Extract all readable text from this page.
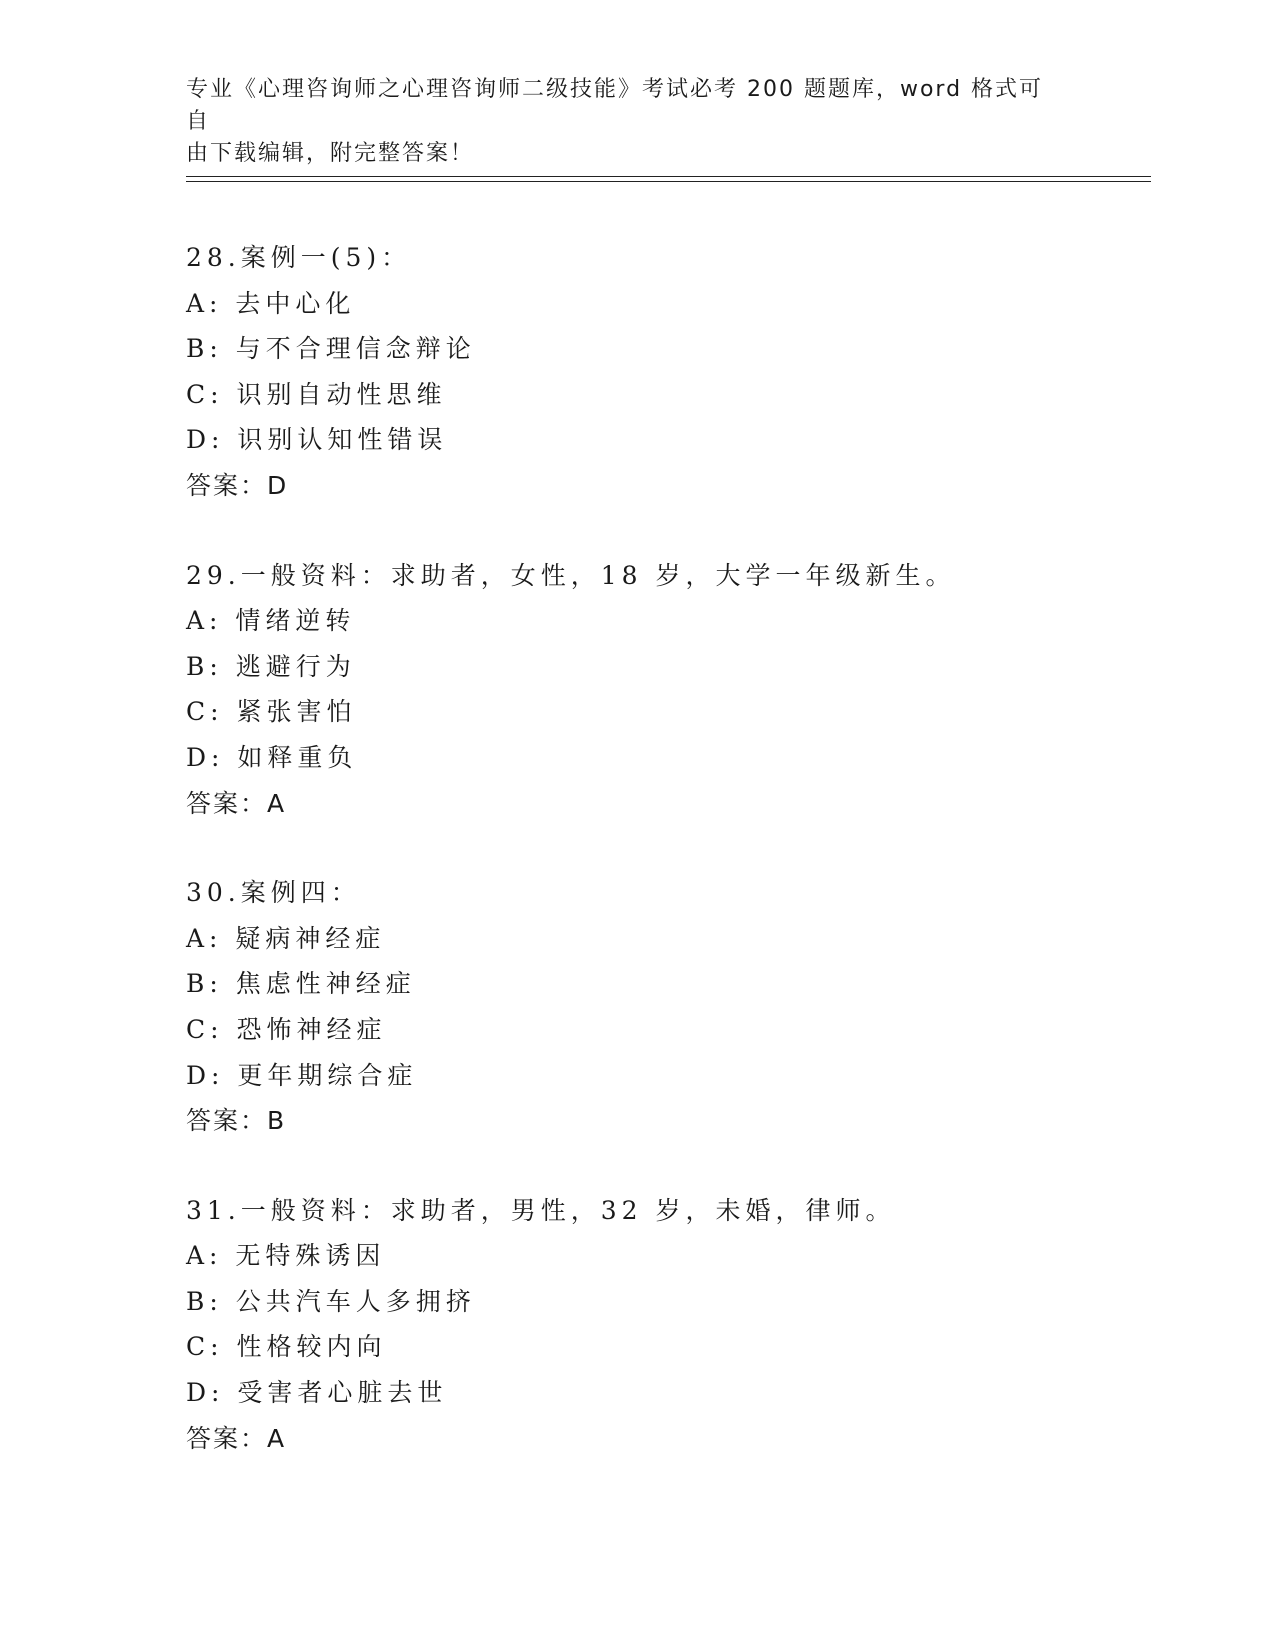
专业《心理咨询师之心理咨询师二级技能》考试必考 200 题题库，word 格式可自
由下载编辑，附完整答案！
28.案例一(5)：
A: 去中心化
B: 与不合理信念辩论
C: 识别自动性思维
D: 识别认知性错误
答案：D
29.一般资料：求助者，女性，18 岁，大学一年级新生。
A: 情绪逆转
B: 逃避行为
C: 紧张害怕
D: 如释重负
答案：A
30.案例四：
A: 疑病神经症
B: 焦虑性神经症
C: 恐怖神经症
D: 更年期综合症
答案：B
31.一般资料：求助者，男性，32 岁，未婚，律师。
A: 无特殊诱因
B: 公共汽车人多拥挤
C: 性格较内向
D: 受害者心脏去世
答案：A
